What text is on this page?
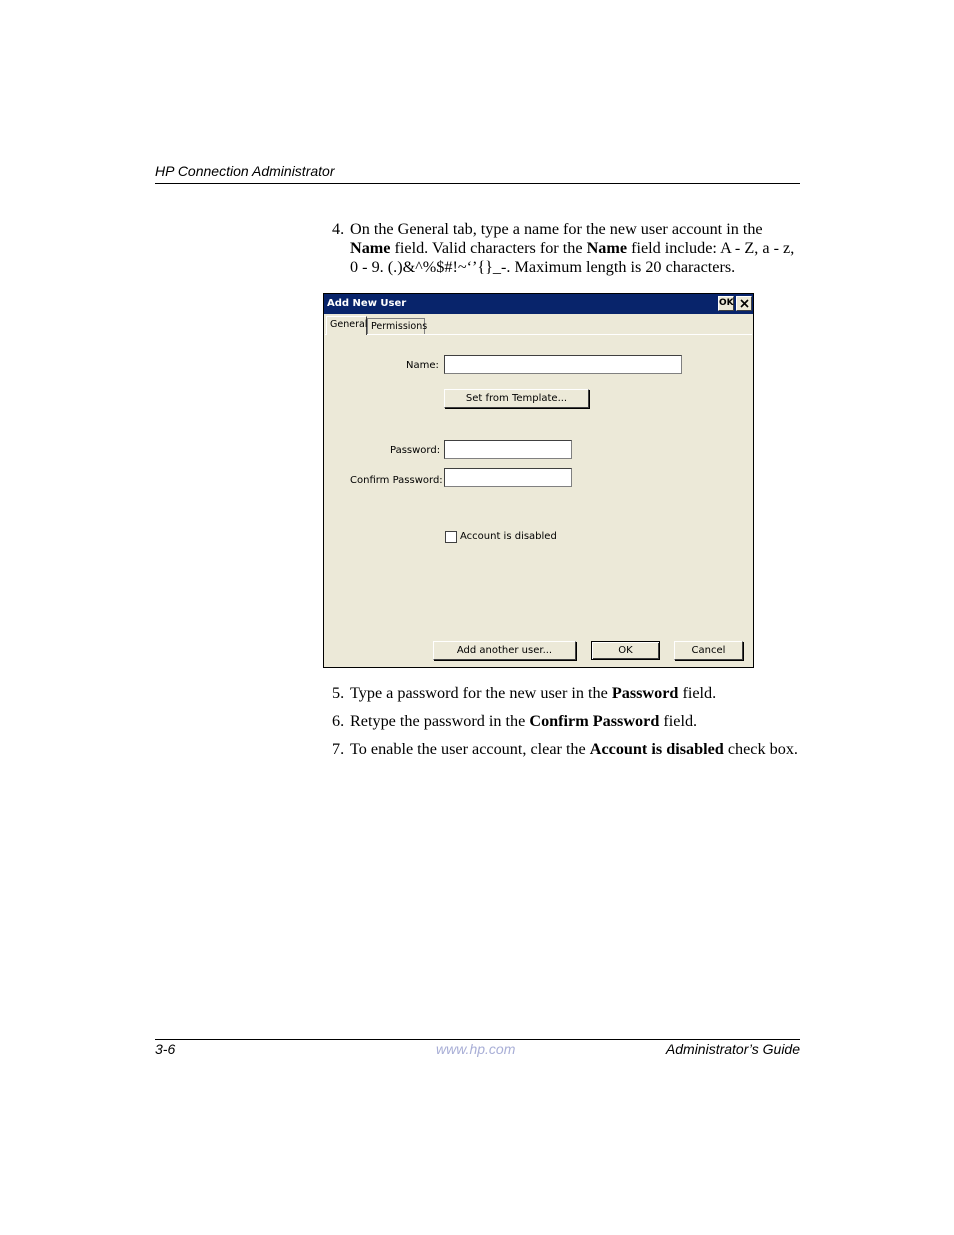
HP Connection Administrator
4. On the General tab, type a name for the new user account in the Name field. Valid characters for the Name field include: A - Z, a - z, 0 - 9. (.)&^%$#!~‘’{}_-. Maximum length is 20 characters.
Add New User	OK
General Permissions
Name:
Set from Template...
Password:
Confirm Password:
Account is disabled
Add another user...	OK	Cancel
5. Type a password for the new user in the Password field.
6. Retype the password in the Confirm Password field.
7. To enable the user account, clear the Account is disabled check box.
3-6	www.hp.com	Administrator’s Guide
